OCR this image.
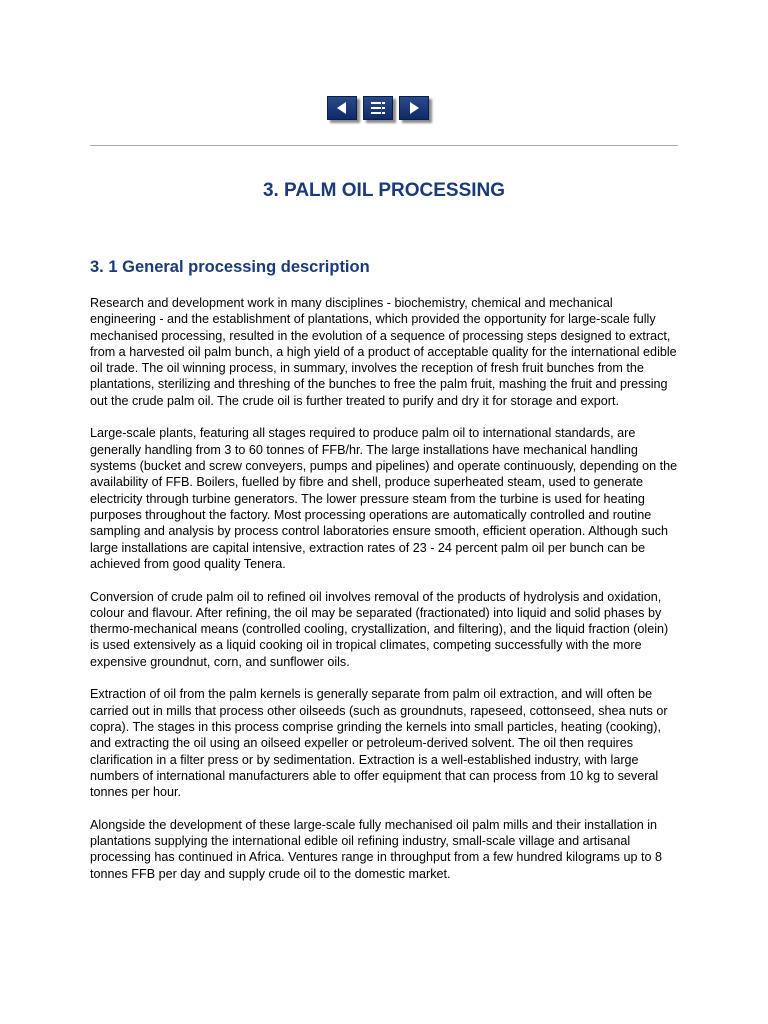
3. PALM OIL PROCESSING
3. 1 General processing description

Research and development work in many disciplines - biochemistry, chemical and mechanical engineering - and the establishment of plantations, which provided the opportunity for large-scale fully mechanised processing, resulted in the evolution of a sequence of processing steps designed to extract, from a harvested oil palm bunch, a high yield of a product of acceptable quality for the international edible oil trade. The oil winning process, in summary, involves the reception of fresh fruit bunches from the plantations, sterilizing and threshing of the bunches to free the palm fruit, mashing the fruit and pressing out the crude palm oil. The crude oil is further treated to purify and dry it for storage and export.

Large-scale plants, featuring all stages required to produce palm oil to international standards, are generally handling from 3 to 60 tonnes of FFB/hr. The large installations have mechanical handling systems (bucket and screw conveyers, pumps and pipelines) and operate continuously, depending on the availability of FFB. Boilers, fuelled by fibre and shell, produce superheated steam, used to generate electricity through turbine generators. The lower pressure steam from the turbine is used for heating purposes throughout the factory. Most processing operations are automatically controlled and routine sampling and analysis by process control laboratories ensure smooth, efficient operation. Although such large installations are capital intensive, extraction rates of 23 - 24 percent palm oil per bunch can be achieved from good quality Tenera.

Conversion of crude palm oil to refined oil involves removal of the products of hydrolysis and oxidation, colour and flavour. After refining, the oil may be separated (fractionated) into liquid and solid phases by thermo-mechanical means (controlled cooling, crystallization, and filtering), and the liquid fraction (olein) is used extensively as a liquid cooking oil in tropical climates, competing successfully with the more expensive groundnut, corn, and sunflower oils.

Extraction of oil from the palm kernels is generally separate from palm oil extraction, and will often be carried out in mills that process other oilseeds (such as groundnuts, rapeseed, cottonseed, shea nuts or copra). The stages in this process comprise grinding the kernels into small particles, heating (cooking), and extracting the oil using an oilseed expeller or petroleum-derived solvent. The oil then requires clarification in a filter press or by sedimentation. Extraction is a well-established industry, with large numbers of international manufacturers able to offer equipment that can process from 10 kg to several tonnes per hour.

Alongside the development of these large-scale fully mechanised oil palm mills and their installation in plantations supplying the international edible oil refining industry, small-scale village and artisanal processing has continued in Africa. Ventures range in throughput from a few hundred kilograms up to 8 tonnes FFB per day and supply crude oil to the domestic market.
